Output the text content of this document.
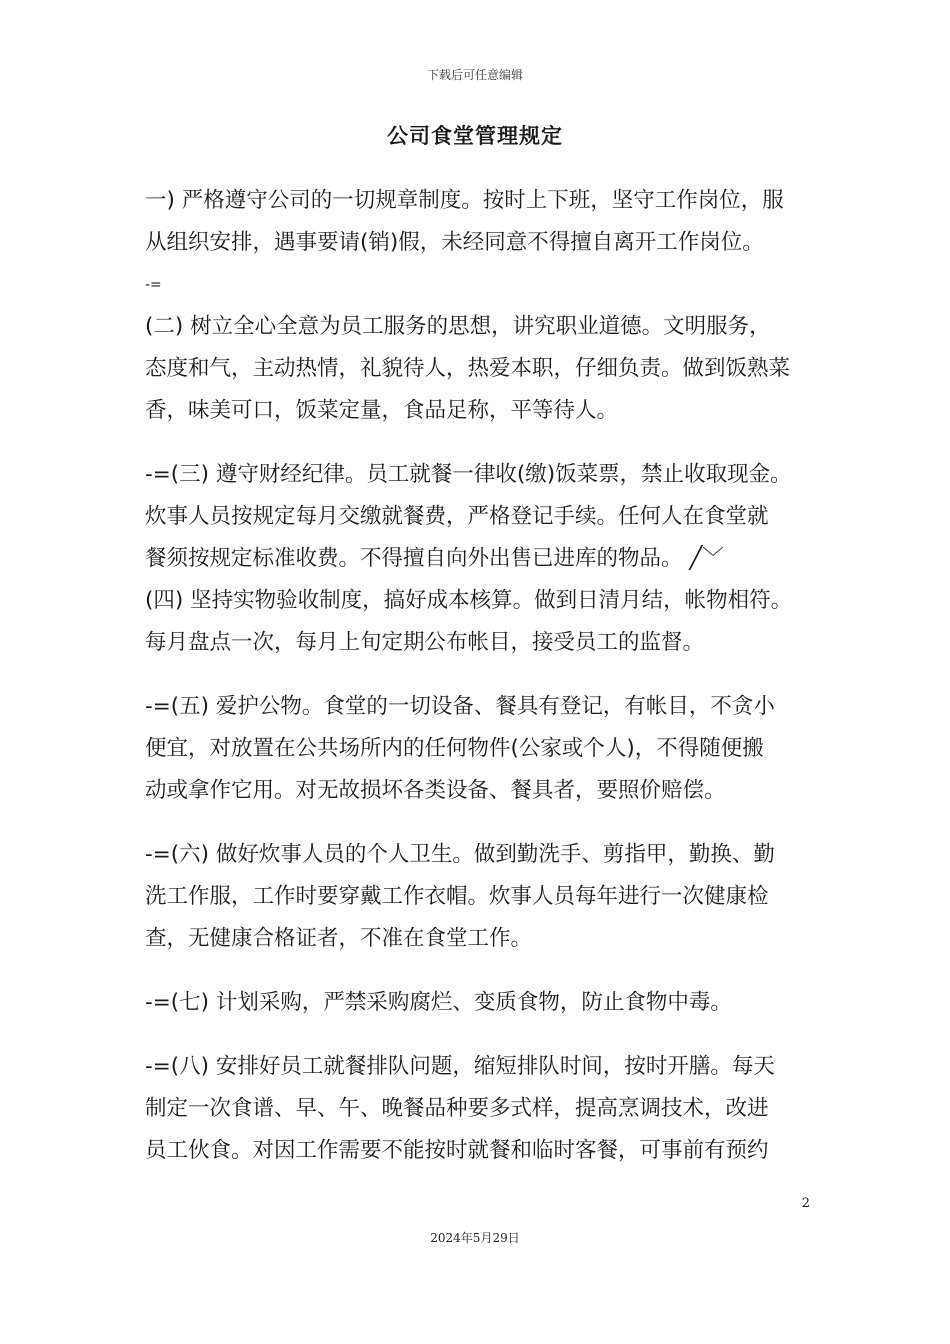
下载后可任意编辑
公司食堂管理规定
一) 严格遵守公司的一切规章制度。按时上下班，坚守工作岗位，服
从组织安排，遇事要请(销)假，未经同意不得擅自离开工作岗位。
-=
(二) 树立全心全意为员工服务的思想，讲究职业道德。文明服务，
态度和气，主动热情，礼貌待人，热爱本职，仔细负责。做到饭熟菜
香，味美可口，饭菜定量，食品足称，平等待人。
-=(三) 遵守财经纪律。员工就餐一律收(缴)饭菜票，禁止收取现金。
炊事人员按规定每月交缴就餐费，严格登记手续。任何人在食堂就
餐须按规定标准收费。不得擅自向外出售已进库的物品。 ╱﹀
(四) 坚持实物验收制度，搞好成本核算。做到日清月结，帐物相符。
每月盘点一次，每月上旬定期公布帐目，接受员工的监督。
-=(五) 爱护公物。食堂的一切设备、餐具有登记，有帐目，不贪小
便宜，对放置在公共场所内的任何物件(公家或个人)，不得随便搬
动或拿作它用。对无故损坏各类设备、餐具者，要照价赔偿。
-=(六) 做好炊事人员的个人卫生。做到勤洗手、剪指甲，勤换、勤
洗工作服，工作时要穿戴工作衣帽。炊事人员每年进行一次健康检
查，无健康合格证者，不准在食堂工作。
-=(七) 计划采购，严禁采购腐烂、变质食物，防止食物中毒。
-=(八) 安排好员工就餐排队问题，缩短排队时间，按时开膳。每天
制定一次食谱、早、午、晚餐品种要多式样，提高烹调技术，改进
员工伙食。对因工作需要不能按时就餐和临时客餐，可事前有预约
2
2024年5月29日
